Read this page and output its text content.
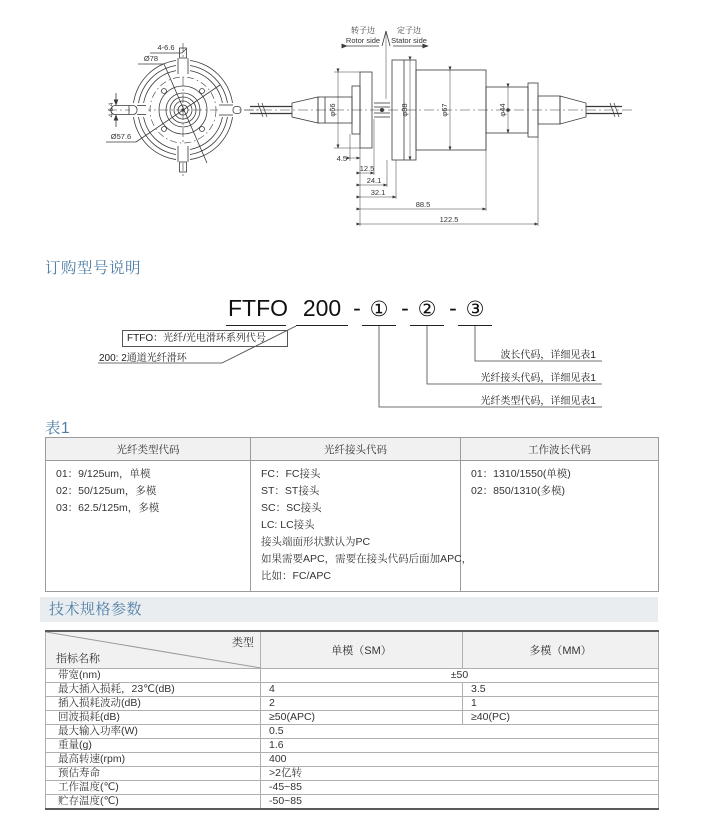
4-6.6
Ø78
Ø57.6
4-6.4
转子边
Rotor side
定子边
Stator side
φ66	φ88	φ67	φ44
4.5
12.5
24.1
32.1
88.5
122.5
订购型号说明
FTFO 200 - ① - ② - ③
FTFO：光纤/光电滑环系列代号
200: 2通道光纤滑环	波长代码，详细见表1
光纤接头代码，详细见表1
光纤类型代码，详细见表1
表1
光纤类型代码	光纤接头代码	工作波长代码

01：9/125um，单模
02：50/125um，多模
03：62.5/125m，多模

FC：FC接头
ST：ST接头
SC：SC接头
LC: LC接头
接头端面形状默认为PC
如果需要APC，需要在接头代码后面加APC，
比如：FC/APC

01：1310/1550(单模)
02：850/1310(多模)
技术规格参数
类型
指标名称	单模（SM）	多模（MM）
带宽(nm)	±50	
最大插入损耗，23℃(dB)	4	3.5
插入损耗波动(dB)	2	1
回波损耗(dB)	≥50(APC)	≥40(PC)
最大输入功率(W)	0.5	
重量(g)	1.6	
最高转速(rpm)	400	
预估寿命	>2亿转	
工作温度(℃)	-45~85	
贮存温度(℃)	-50~85	
